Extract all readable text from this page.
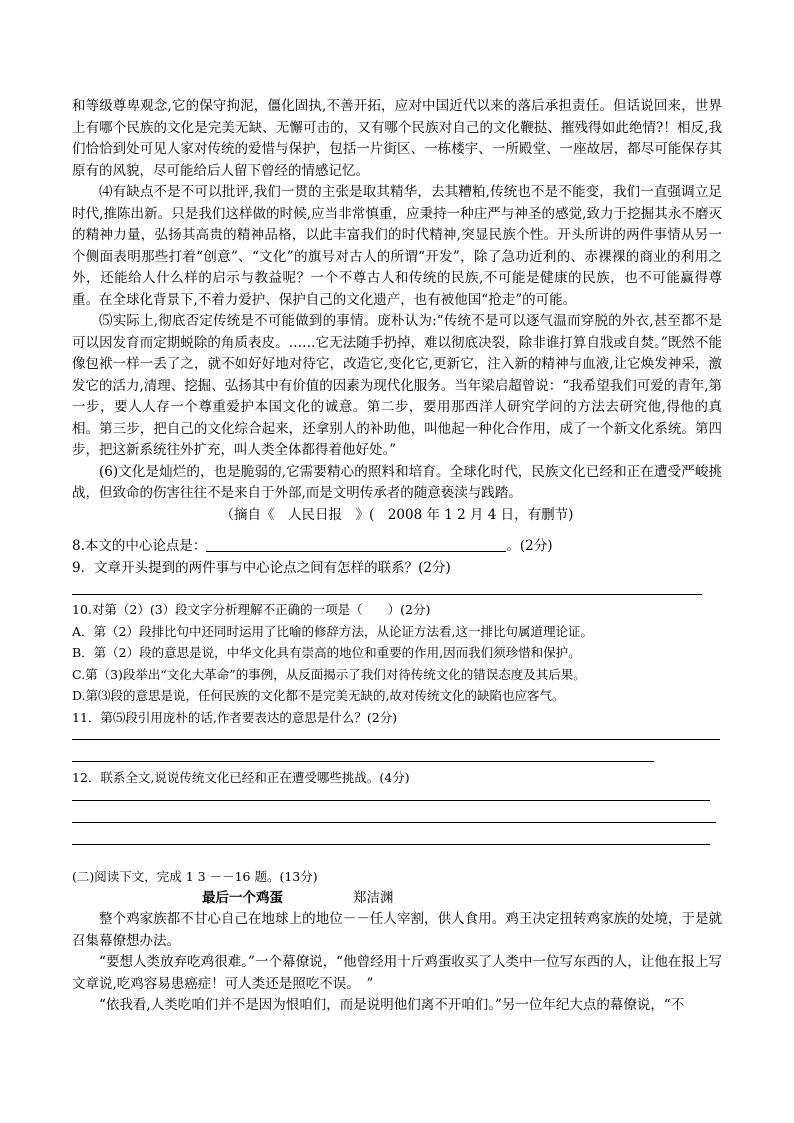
和等级尊卑观念,它的保守拘泥，僵化固执,不善开拓，应对中国近代以来的落后承担责任。但话说回来，世界上有哪个民族的文化是完美无缺、无懈可击的，又有哪个民族对自己的文化鞭挞、摧残得如此绝情?！相反,我们恰恰到处可见人家对传统的爱惜与保护，包括一片街区、一栋楼宇、一所殿堂、一座故居，都尽可能保存其原有的风貌，尽可能给后人留下曾经的情感记忆。

⑷有缺点不是不可以批评,我们一贯的主张是取其精华，去其糟粕,传统也不是不能变，我们一直强调立足时代,推陈出新。只是我们这样做的时候,应当非常慎重，应秉持一种庄严与神圣的感觉,致力于挖掘其永不磨灭的精神力量，弘扬其高贵的精神品格，以此丰富我们的时代精神,突显民族个性。开头所讲的两件事情从另一个侧面表明那些打着“创意”、“文化”的旗号对古人的所谓“开发”，除了急功近利的、赤裸裸的商业的利用之外，还能给人什么样的启示与教益呢？一个不尊古人和传统的民族,不可能是健康的民族，也不可能赢得尊重。在全球化背景下,不着力爱护、保护自己的文化遗产，也有被他国“抢走”的可能。

⑸实际上,彻底否定传统是不可能做到的事情。庞朴认为:“传统不是可以逐气温而穿脱的外衣,甚至都不是可以因发育而定期蜕除的角质表皮。……它无法随手扔掉，难以彻底决裂，除非谁打算自戕或自焚。”既然不能像包袱一样一丢了之，就不如好好地对待它，改造它,变化它,更新它，注入新的精神与血液,让它焕发神采，激发它的活力,清理、挖掘、弘扬其中有价值的因素为现代化服务。当年梁启超曾说：“我希望我们可爱的青年,第一步，要人人存一个尊重爱护本国文化的诚意。第二步，要用那西洋人研究学问的方法去研究他,得他的真相。第三步，把自己的文化综合起来，还拿别人的补助他，叫他起一种化合作用，成了一个新文化系统。第四步，把这新系统往外扩充，叫人类全体都得着他好处。”

(6)文化是灿烂的，也是脆弱的,它需要精心的照料和培育。全球化时代，民族文化已经和正在遭受严峻挑战，但致命的伤害往往不是来自于外部,而是文明传承者的随意亵渎与践踏。

（摘自《　人民日报　》(　2008 年 1 2 月 4 日，有删节)

8.本文的中心论点是：	。(2分)

9．文章开头提到的两件事与中心论点之间有怎样的联系？(2分)

10.对第（2）(3）段文字分析理解不正确的一项是（　　）(2分)

A．第（2）段排比句中还同时运用了比喻的修辞方法，从论证方法看,这一排比句属道理论证。

B．第（2）段的意思是说，中华文化具有崇高的地位和重要的作用,因而我们须珍惜和保护。

C.第（3)段举出“文化大革命”的事例，从反面揭示了我们对待传统文化的错误态度及其后果。

D.第⑶段的意思是说，任何民族的文化都不是完美无缺的,故对传统文化的缺陷也应客气。

11．第⑸段引用庞朴的话,作者要表达的意思是什么？(2分)

12．联系全文,说说传统文化已经和正在遭受哪些挑战。(4分)

(二)阅读下文，完成 1 3 －－16 题。(13分)

最后一个鸡蛋	郑洁渊

整个鸡家族都不甘心自己在地球上的地位－－任人宰割，供人食用。鸡王决定扭转鸡家族的处境，于是就召集幕僚想办法。

“要想人类放弃吃鸡很难。”一个幕僚说，“他曾经用十斤鸡蛋收买了人类中一位写东西的人，让他在报上写文章说,吃鸡容易患癌症！可人类还是照吃不误。　”

“依我看,人类吃咱们并不是因为恨咱们，而是说明他们离不开咱们。”另一位年纪大点的幕僚说，“不
